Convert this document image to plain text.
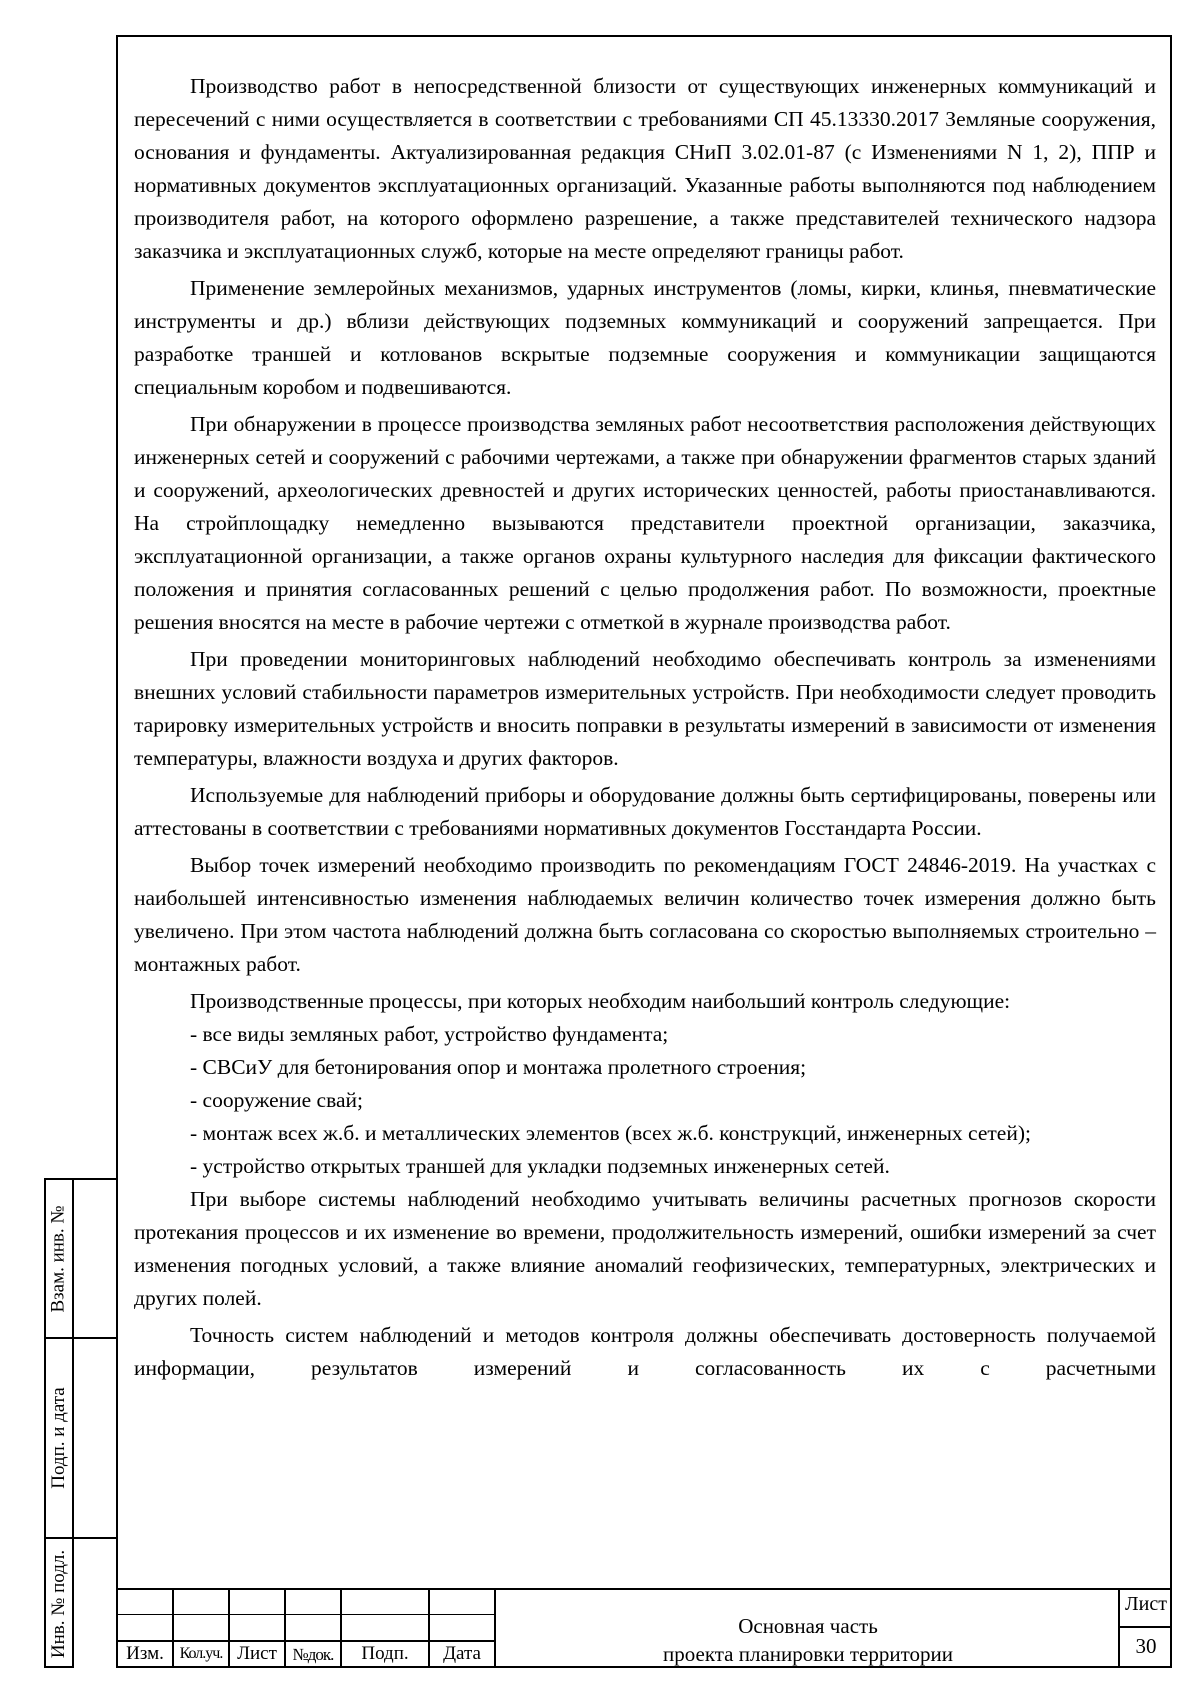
Производство работ в непосредственной близости от существующих инженерных коммуникаций и пересечений с ними осуществляется в соответствии с требованиями СП 45.13330.2017 Земляные сооружения, основания и фундаменты. Актуализированная редакция СНиП 3.02.01-87 (с Изменениями N 1, 2), ППР и нормативных документов эксплуатационных организаций. Указанные работы выполняются под наблюдением производителя работ, на которого оформлено разрешение, а также представителей технического надзора заказчика и эксплуатационных служб, которые на месте определяют границы работ.

Применение землеройных механизмов, ударных инструментов (ломы, кирки, клинья, пневматические инструменты и др.) вблизи действующих подземных коммуникаций и сооружений запрещается. При разработке траншей и котлованов вскрытые подземные сооружения и коммуникации защищаются специальным коробом и подвешиваются.

При обнаружении в процессе производства земляных работ несоответствия расположения действующих инженерных сетей и сооружений с рабочими чертежами, а также при обнаружении фрагментов старых зданий и сооружений, археологических древностей и других исторических ценностей, работы приостанавливаются. На стройплощадку немедленно вызываются представители проектной организации, заказчика, эксплуатационной организации, а также органов охраны культурного наследия для фиксации фактического положения и принятия согласованных решений с целью продолжения работ. По возможности, проектные решения вносятся на месте в рабочие чертежи с отметкой в журнале производства работ.

При проведении мониторинговых наблюдений необходимо обеспечивать контроль за изменениями внешних условий стабильности параметров измерительных устройств. При необходимости следует проводить тарировку измерительных устройств и вносить поправки в результаты измерений в зависимости от изменения температуры, влажности воздуха и других факторов.

Используемые для наблюдений приборы и оборудование должны быть сертифицированы, поверены или аттестованы в соответствии с требованиями нормативных документов Госстандарта России.

Выбор точек измерений необходимо производить по рекомендациям ГОСТ 24846-2019. На участках с наибольшей интенсивностью изменения наблюдаемых величин количество точек измерения должно быть увеличено. При этом частота наблюдений должна быть согласована со скоростью выполняемых строительно – монтажных работ.

Производственные процессы, при которых необходим наибольший контроль следующие:

- все виды земляных работ, устройство фундамента;

- СВСиУ для бетонирования опор и монтажа пролетного строения;

- сооружение свай;

- монтаж всех ж.б. и металлических элементов (всех ж.б. конструкций, инженерных сетей);

- устройство открытых траншей для укладки подземных инженерных сетей.

При выборе системы наблюдений необходимо учитывать величины расчетных прогнозов скорости протекания процессов и их изменение во времени, продолжительность измерений, ошибки измерений за счет изменения погодных условий, а также влияние аномалий геофизических, температурных, электрических и других полей.

Точность систем наблюдений и методов контроля должны обеспечивать достоверность получаемой информации, результатов измерений и согласованность их с расчетными

Взам. инв. №
Подп. и дата
Инв. № подл.	Изм. Кол.уч. Лист №док.	Подп.	Дата
Основная часть
проекта планировки территории
Лист
30
